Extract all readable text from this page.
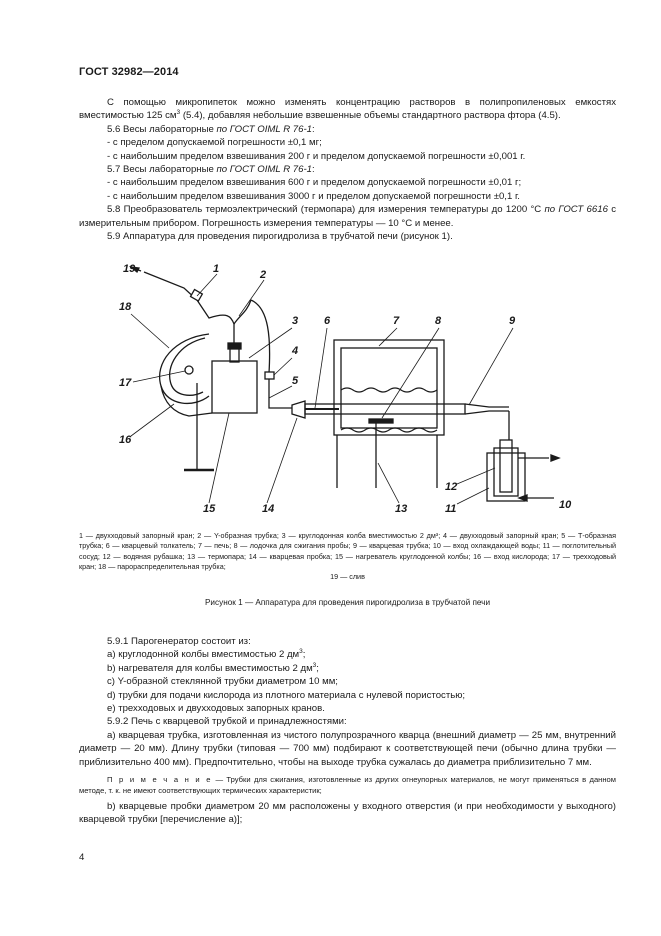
ГОСТ 32982—2014

С помощью микропипеток можно изменять концентрацию растворов в полипропиленовых емкостях вместимостью 125 $см^3$ (5.4), добавляя небольшие взвешенные объемы стандартного раствора фтора (4.5).

5.6 Весы лабораторные по ГОСТ OIML R 76-1:

- с пределом допускаемой погрешности ±0,1 мг;

- с наибольшим пределом взвешивания 200 г и пределом допускаемой погрешности ±0,001 г.

5.7 Весы лабораторные по ГОСТ OIML R 76-1:

- с наибольшим пределом взвешивания 600 г и пределом допускаемой погрешности ±0,01 г;

- с наибольшим пределом взвешивания 3000 г и пределом допускаемой погрешности ±0,1 г.

5.8 Преобразователь термоэлектрический (термопара) для измерения температуры до 1200 °С по ГОСТ 6616 с измерительным прибором. Погрешность измерения температуры — 10 °С и менее.

5.9 Аппаратура для проведения пирогидролиза в трубчатой печи (рисунок 1).

1	2
3
4
5
6	7	8	9
10
11
12
13
14
15
16
17
18
19

1 — двухходовый запорный кран; 2 — Y-образная трубка; 3 — круглодонная колба вместимостью 2 дм³; 4 — двухходовый запорный кран; 5 — Т-образная трубка; 6 — кварцевый толкатель; 7 — печь; 8 — лодочка для сжигания пробы; 9 — кварцевая трубка; 10 — вход охлаждающей воды; 11 — поглотительный сосуд; 12 — водяная рубашка; 13 — термопара; 14 — кварцевая пробка; 15 — нагреватель круглодонной колбы; 16 — вход кислорода; 17 — трехходовый кран; 18 — парораспределительная трубка;

19 — слив

Рисунок 1 — Аппаратура для проведения пирогидролиза в трубчатой печи

5.9.1 Парогенератор состоит из:

а) круглодонной колбы вместимостью 2 $дм^3$;

b) нагревателя для колбы вместимостью 2 $дм^3$;

с) Y-образной стеклянной трубки диаметром 10 мм;

d) трубки для подачи кислорода из плотного материала с нулевой пористостью;

е) трехходовых и двухходовых запорных кранов.

5.9.2 Печь с кварцевой трубкой и принадлежностями:

а) кварцевая трубка, изготовленная из чистого полупрозрачного кварца (внешний диаметр — 25 мм, внутренний диаметр — 20 мм). Длину трубки (типовая — 700 мм) подбирают к соответствующей печи (обычно длина трубки — приблизительно 400 мм). Предпочтительно, чтобы на выходе трубка сужалась до диаметра приблизительно 7 мм.

П р и м е ч а н и е — Трубки для сжигания, изготовленные из других огнеупорных материалов, не могут применяться в данном методе, т. к. не имеют соответствующих термических характеристик;

b) кварцевые пробки диаметром 20 мм расположены у входного отверстия (и при необходимости у выходного) кварцевой трубки [перечисление а)];

4
